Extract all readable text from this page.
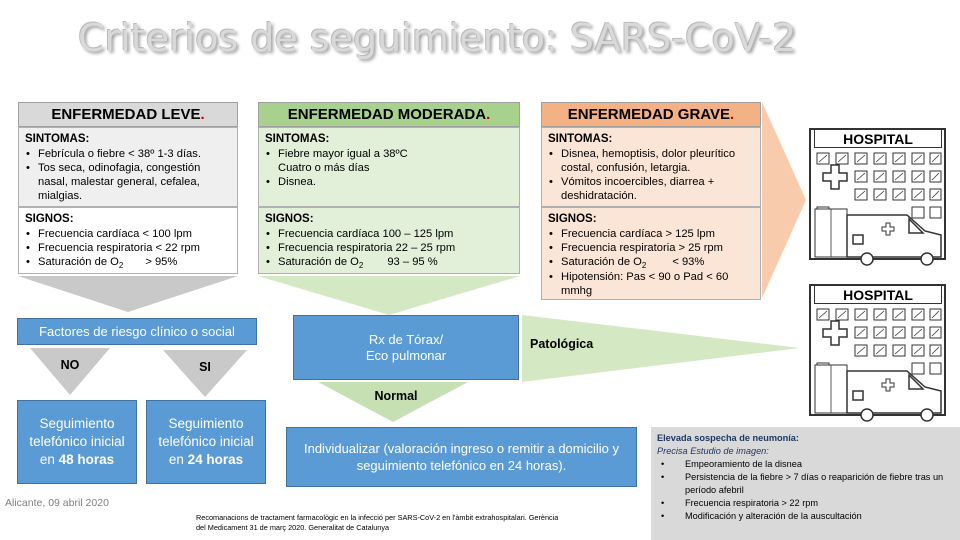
Criterios de seguimiento: SARS-CoV-2
ENFERMEDAD LEVE .
SINTOMAS:
• Febrícula o fiebre < 38º 1-3 días.
• Tos seca, odinofagia, congestión nasal, malestar general, cefalea, mialgias.
SIGNOS:
• Frecuencia cardíaca < 100 lpm
• Frecuencia respiratoria < 22 rpm
• Saturación de $O_2 > 95\%$
ENFERMEDAD MODERADA .
SINTOMAS:
• Fiebre mayor igual a 38ºC
Cuatro o más días
• Disnea.
SIGNOS:
• Frecuencia cardíaca 100 – 125 lpm
• Frecuencia respiratoria 22 – 25 rpm
• Saturación de $O_2$ 93 – 95 %
ENFERMEDAD GRAVE .
SINTOMAS:
• Disnea, hemoptisis, dolor pleurítico costal, confusión, letargia.
• Vómitos incoercibles, diarrea + deshidratación.
SIGNOS:
• Frecuencia cardíaca > 125 lpm
• Frecuencia respiratoria > 25 rpm
• Saturación de $O_2 < 93\%$
• Hipotensión: Pas < 90 o Pad < 60 mmhg
Factores de riesgo clínico o social
NO	SI
Seguimiento telefónico inicial
en 48 horas
Seguimiento telefónico inicial
en 24 horas
Rx de Tórax/
Eco pulmonar
Patológica
Normal
Individualizar (valoración ingreso o remitir a domicilio y seguimiento telefónico en 24 horas).
Alicante, 09 abril 2020
Recomanacions de tractament farmacològic en la infecció per SARS-CoV-2 en l'àmbit extrahospitalari. Gerència del Medicament 31 de març 2020. Generalitat de Catalunya
Elevada sospecha de neumonía:
Precisa Estudio de imagen:
• Empeoramiento de la disnea
• Persistencia de la fiebre > 7 días o reaparición de fiebre tras un período afebril
• Frecuencia respiratoria > 22 rpm
• Modificación y alteración de la auscultación
HOSPITAL
HOSPITAL
